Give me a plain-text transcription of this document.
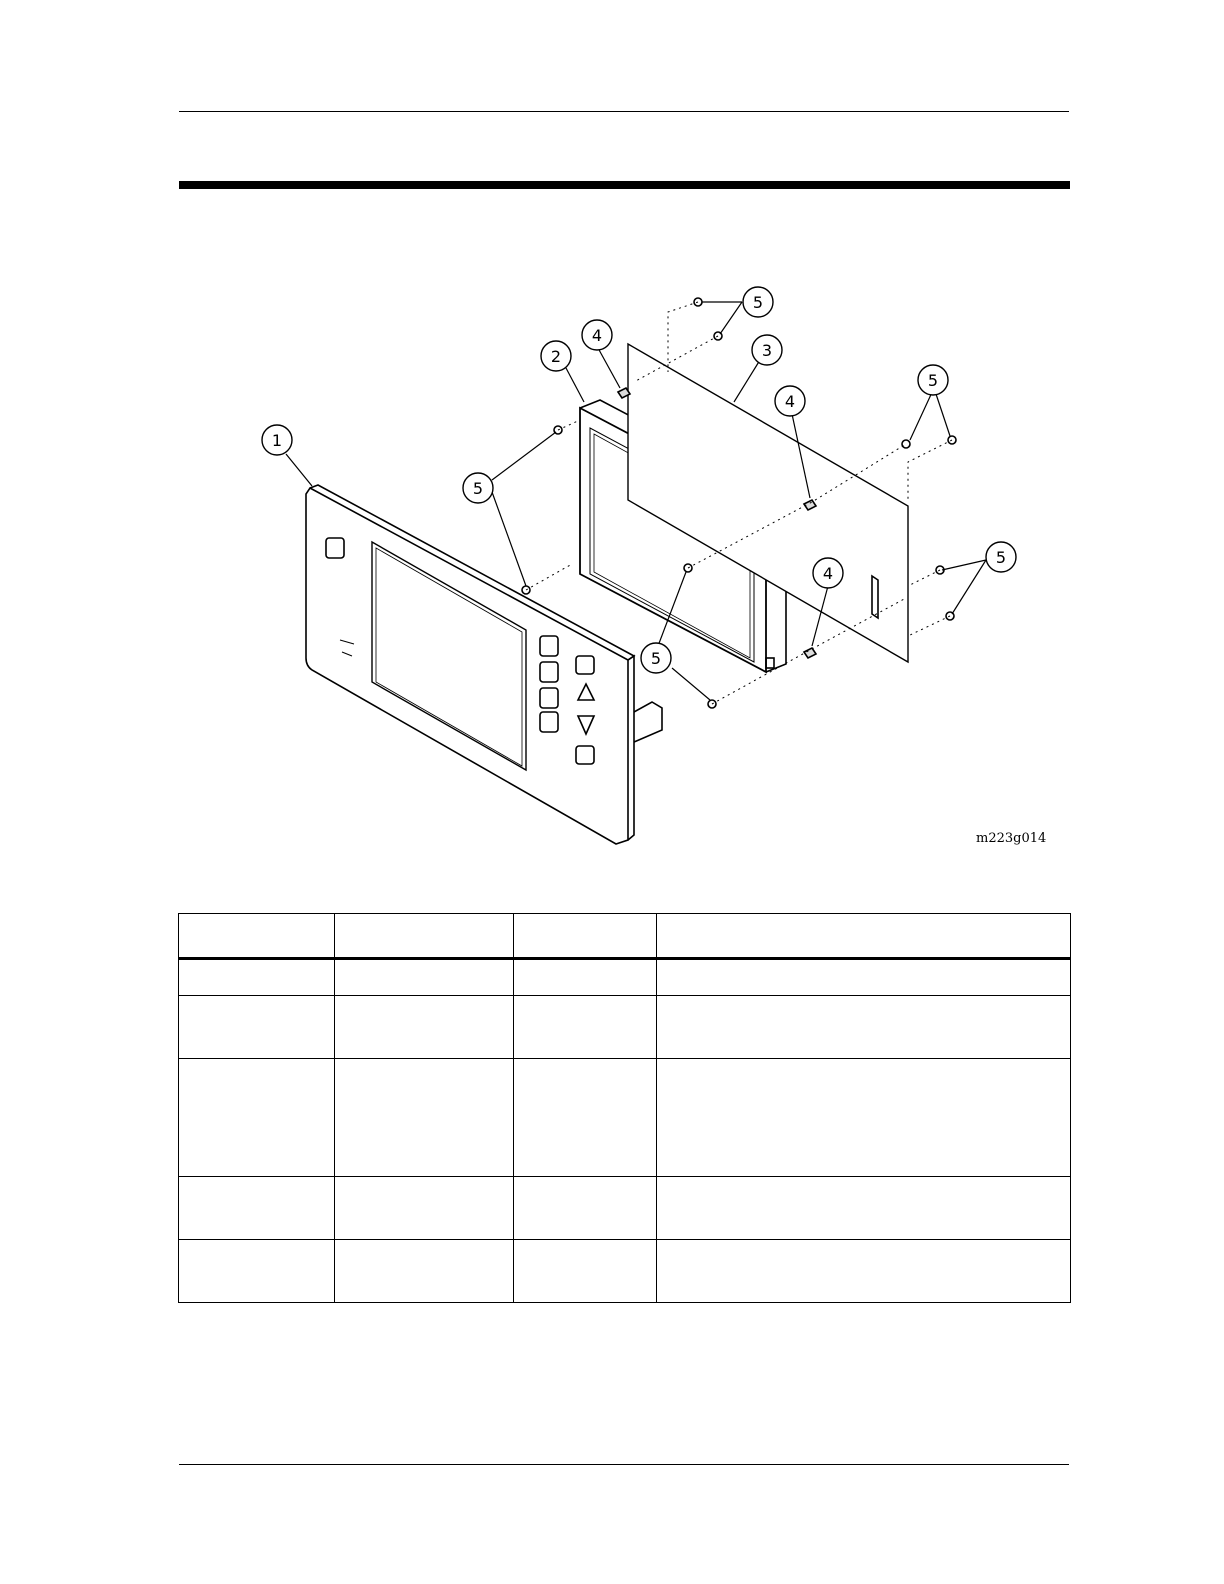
1
2	3
4
4
4
5
5
5
5
5
m223g014
